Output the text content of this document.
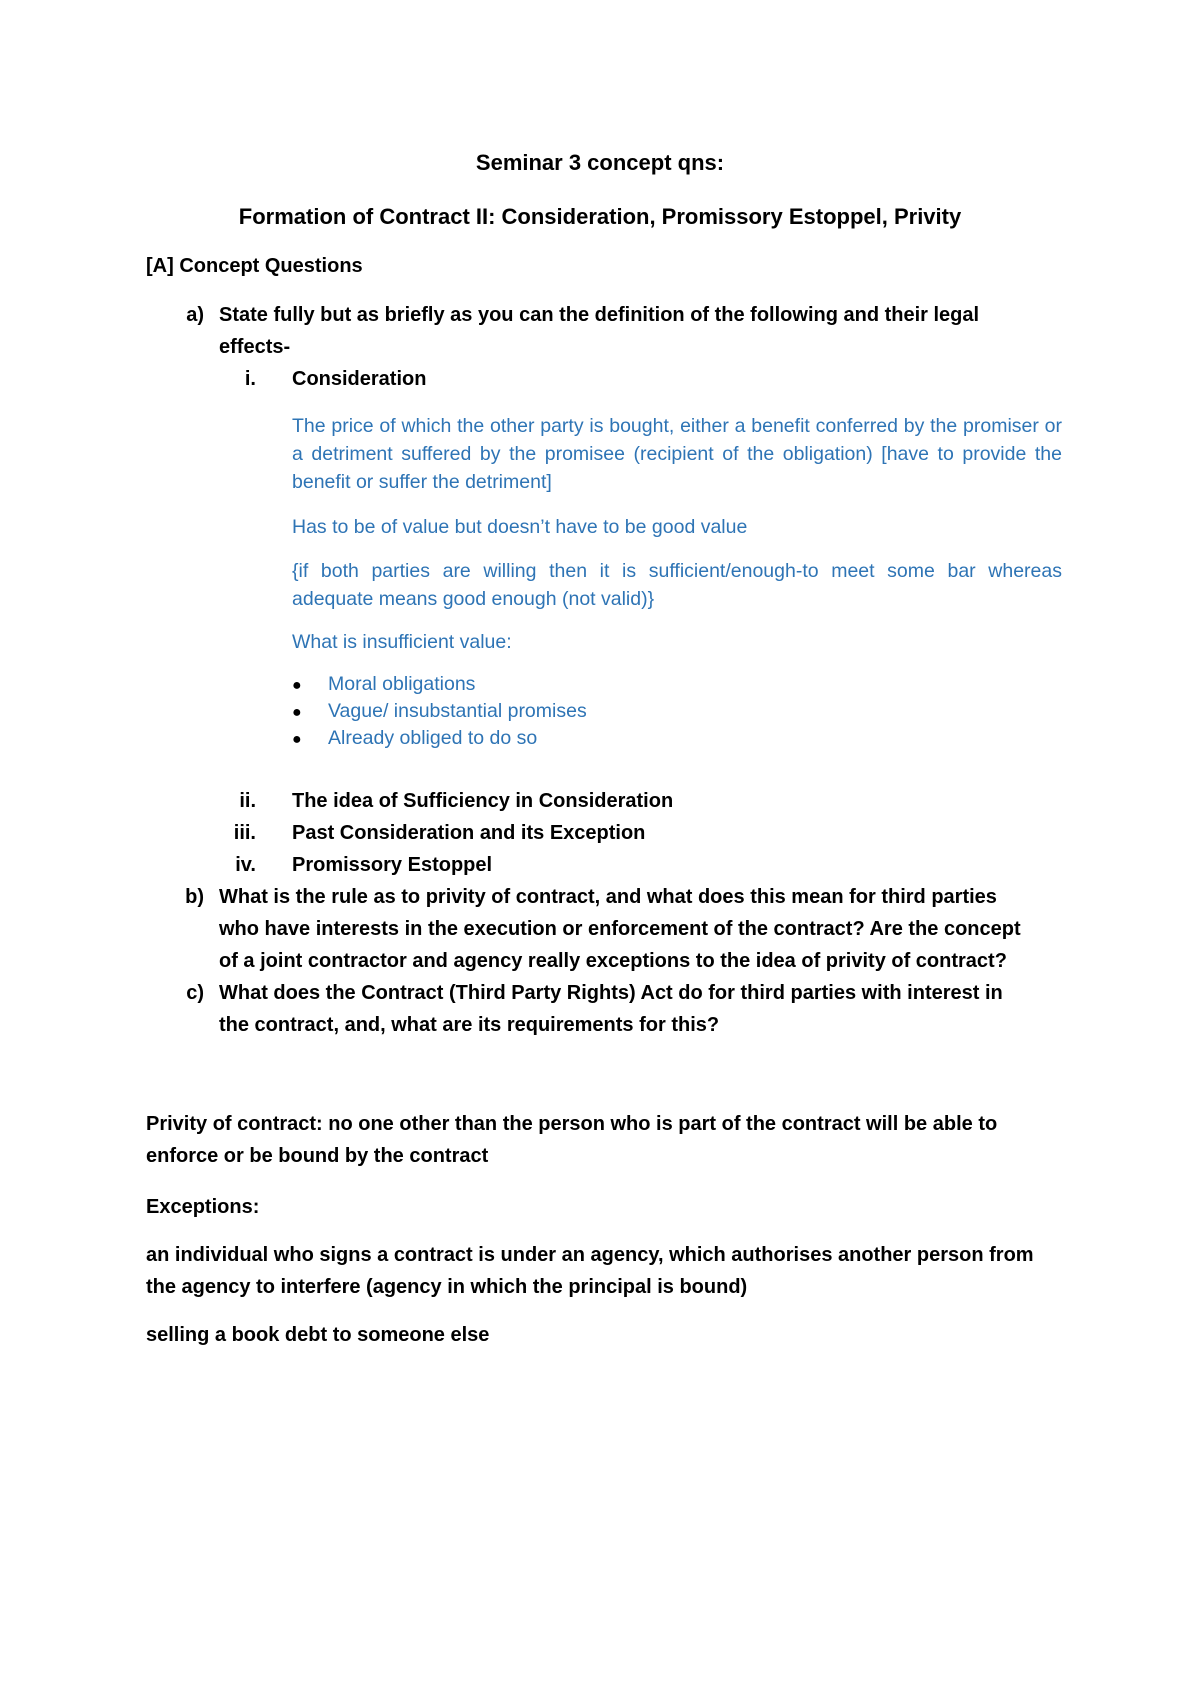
Seminar 3 concept qns:
Formation of Contract II: Consideration, Promissory Estoppel, Privity
[A] Concept Questions
a) State fully but as briefly as you can the definition of the following and their legal
effects-
i. Consideration
The price of which the other party is bought, either a benefit conferred by the promiser or a detriment suffered by the promisee (recipient of the obligation) [have to provide the benefit or suffer the detriment]
Has to be of value but doesn’t have to be good value
{if both parties are willing then it is sufficient/enough-to meet some bar whereas adequate means good enough (not valid)}
What is insufficient value:
● Moral obligations
● Vague/ insubstantial promises
● Already obliged to do so
ii. The idea of Sufficiency in Consideration
iii. Past Consideration and its Exception
iv. Promissory Estoppel
b) What is the rule as to privity of contract, and what does this mean for third parties
who have interests in the execution or enforcement of the contract? Are the concept
of a joint contractor and agency really exceptions to the idea of privity of contract?
c) What does the Contract (Third Party Rights) Act do for third parties with interest in
the contract, and, what are its requirements for this?
Privity of contract: no one other than the person who is part of the contract will be able to enforce or be bound by the contract
Exceptions:
an individual who signs a contract is under an agency, which authorises another person from the agency to interfere (agency in which the principal is bound)
selling a book debt to someone else
